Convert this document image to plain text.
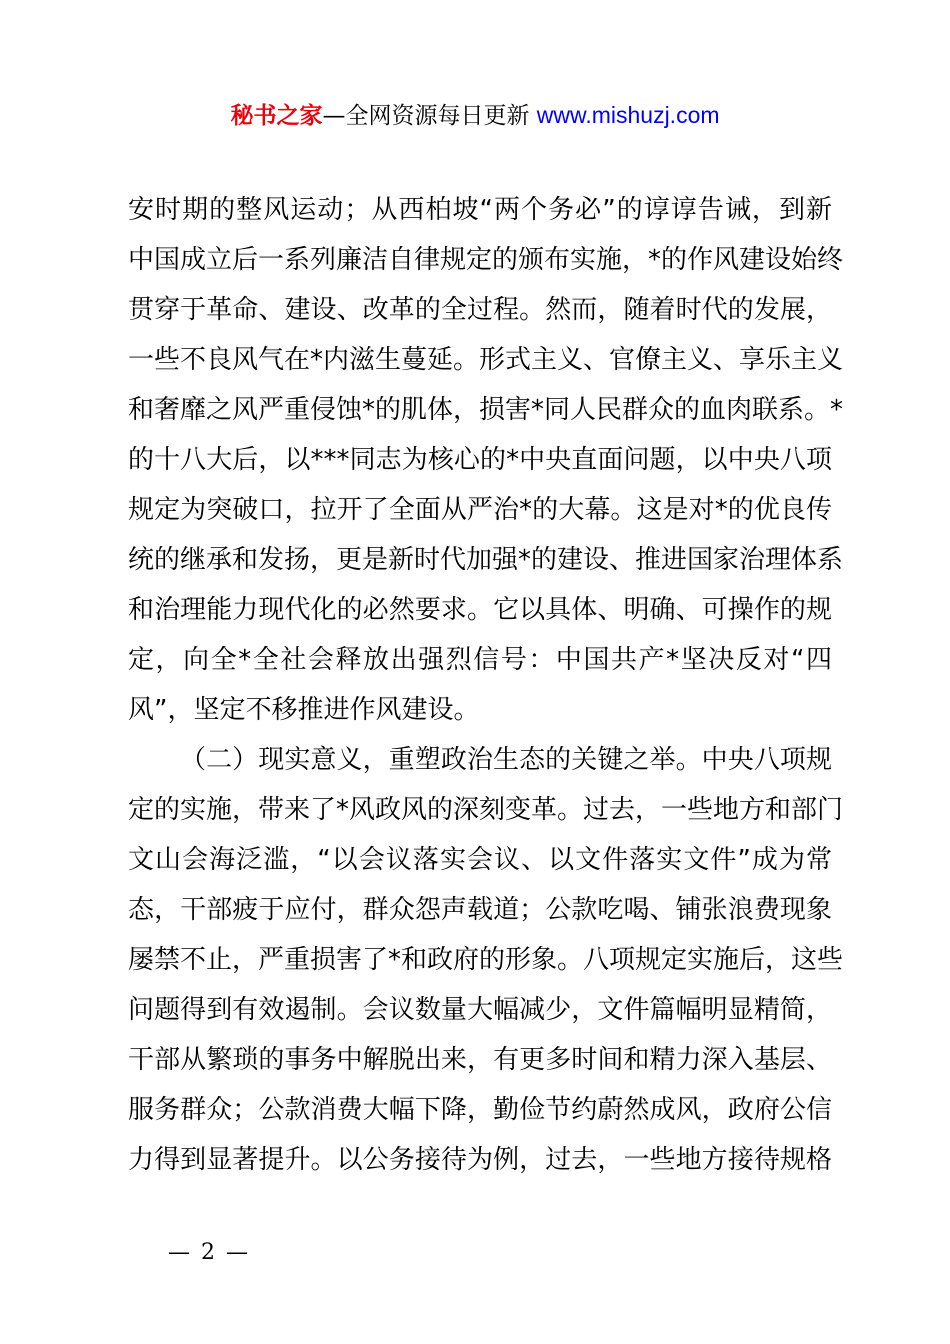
秘书之家—全网资源每日更新 www.mishuzj.com
安时期的整风运动；从西柏坡“两个务必”的谆谆告诫，到新
中国成立后一系列廉洁自律规定的颁布实施，*的作风建设始终
贯穿于革命、建设、改革的全过程。然而，随着时代的发展，
一些不良风气在*内滋生蔓延。形式主义、官僚主义、享乐主义
和奢靡之风严重侵蚀*的肌体，损害*同人民群众的血肉联系。*
的十八大后，以***同志为核心的*中央直面问题，以中央八项
规定为突破口，拉开了全面从严治*的大幕。这是对*的优良传
统的继承和发扬，更是新时代加强*的建设、推进国家治理体系
和治理能力现代化的必然要求。它以具体、明确、可操作的规
定，向全*全社会释放出强烈信号：中国共产*坚决反对“四
风”，坚定不移推进作风建设。
（二）现实意义，重塑政治生态的关键之举。中央八项规
定的实施，带来了*风政风的深刻变革。过去，一些地方和部门
文山会海泛滥，“以会议落实会议、以文件落实文件”成为常
态，干部疲于应付，群众怨声载道；公款吃喝、铺张浪费现象
屡禁不止，严重损害了*和政府的形象。八项规定实施后，这些
问题得到有效遏制。会议数量大幅减少，文件篇幅明显精简，
干部从繁琐的事务中解脱出来，有更多时间和精力深入基层、
服务群众；公款消费大幅下降，勤俭节约蔚然成风，政府公信
力得到显著提升。以公务接待为例，过去，一些地方接待规格
— 2 —
